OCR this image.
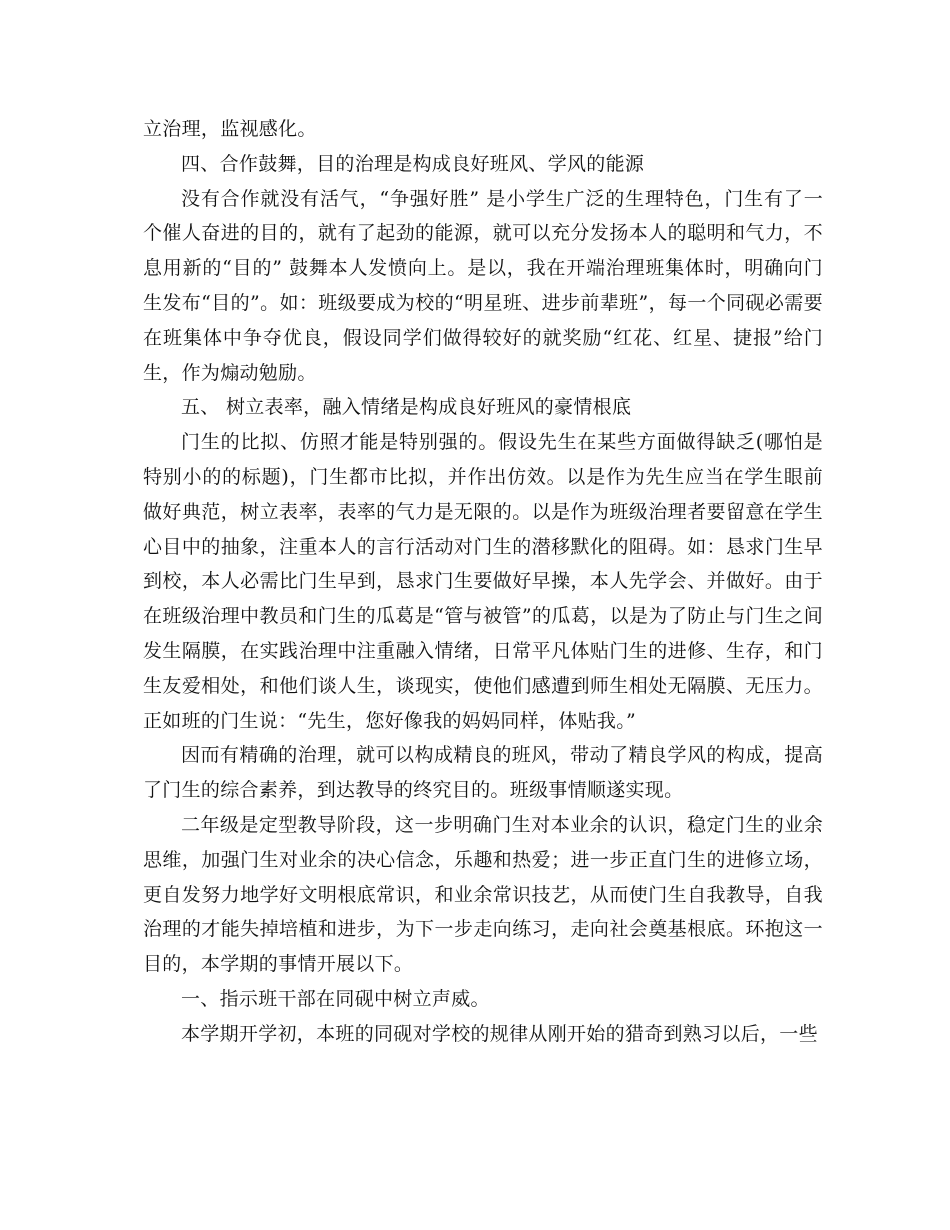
立治理，监视感化。

四、合作鼓舞，目的治理是构成良好班风、学风的能源

没有合作就没有活气，“争强好胜” 是小学生广泛的生理特色，门生有了一个催人奋进的目的，就有了起劲的能源，就可以充分发扬本人的聪明和气力，不息用新的“目的” 鼓舞本人发愤向上。是以，我在开端治理班集体时，明确向门生发布“目的”。如：班级要成为校的“明星班、进步前辈班”，每一个同砚必需要在班集体中争夺优良，假设同学们做得较好的就奖励“红花、红星、捷报”给门生，作为煽动勉励。

五、 树立表率，融入情绪是构成良好班风的豪情根底

门生的比拟、仿照才能是特别强的。假设先生在某些方面做得缺乏(哪怕是特别小的的标题)，门生都市比拟，并作出仿效。以是作为先生应当在学生眼前做好典范，树立表率，表率的气力是无限的。以是作为班级治理者要留意在学生心目中的抽象，注重本人的言行活动对门生的潜移默化的阻碍。如：恳求门生早到校，本人必需比门生早到，恳求门生要做好早操，本人先学会、并做好。由于在班级治理中教员和门生的瓜葛是“管与被管”的瓜葛，以是为了防止与门生之间发生隔膜，在实践治理中注重融入情绪，日常平凡体贴门生的进修、生存，和门生友爱相处，和他们谈人生，谈现实，使他们感遭到师生相处无隔膜、无压力。正如班的门生说：“先生，您好像我的妈妈同样，体贴我。”

因而有精确的治理，就可以构成精良的班风，带动了精良学风的构成，提高了门生的综合素养，到达教导的终究目的。班级事情顺遂实现。

二年级是定型教导阶段，这一步明确门生对本业余的认识，稳定门生的业余思维，加强门生对业余的决心信念，乐趣和热爱；进一步正直门生的进修立场，更自发努力地学好文明根底常识，和业余常识技艺，从而使门生自我教导，自我治理的才能失掉培植和进步，为下一步走向练习，走向社会奠基根底。环抱这一目的，本学期的事情开展以下。

一、指示班干部在同砚中树立声威。

本学期开学初，本班的同砚对学校的规律从刚开始的猎奇到熟习以后，一些
